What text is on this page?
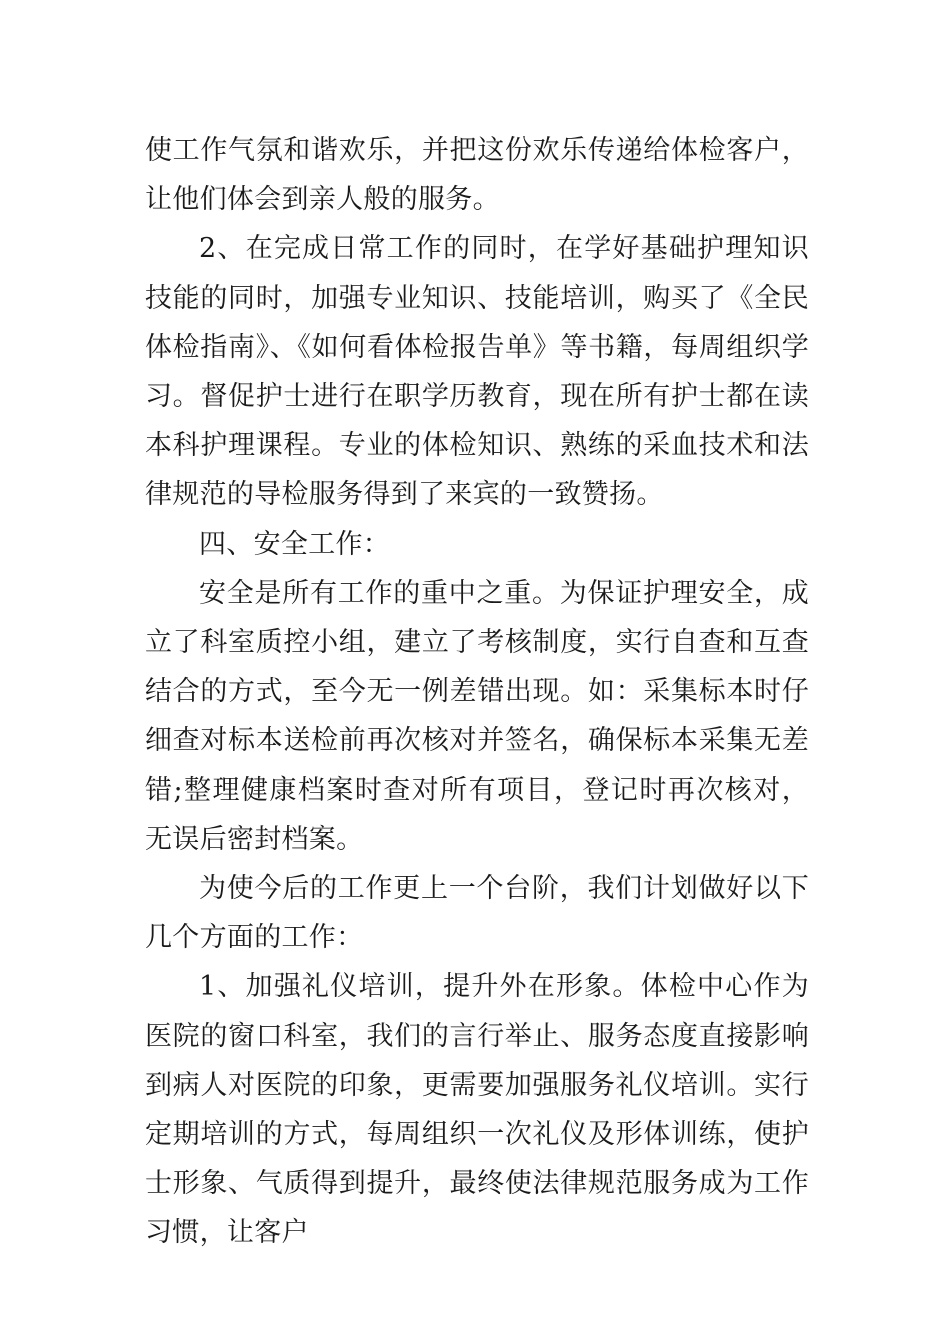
使工作气氛和谐欢乐，并把这份欢乐传递给体检客户，让他们体会到亲人般的服务。

2、在完成日常工作的同时，在学好基础护理知识技能的同时，加强专业知识、技能培训，购买了《全民体检指南》、《如何看体检报告单》等书籍，每周组织学习。督促护士进行在职学历教育，现在所有护士都在读本科护理课程。专业的体检知识、熟练的采血技术和法律规范的导检服务得到了来宾的一致赞扬。

四、安全工作：

安全是所有工作的重中之重。为保证护理安全，成立了科室质控小组，建立了考核制度，实行自查和互查结合的方式，至今无一例差错出现。如：采集标本时仔细查对标本送检前再次核对并签名，确保标本采集无差错;整理健康档案时查对所有项目，登记时再次核对，无误后密封档案。

为使今后的工作更上一个台阶，我们计划做好以下几个方面的工作：

1、加强礼仪培训，提升外在形象。体检中心作为医院的窗口科室，我们的言行举止、服务态度直接影响到病人对医院的印象，更需要加强服务礼仪培训。实行定期培训的方式，每周组织一次礼仪及形体训练，使护士形象、气质得到提升，最终使法律规范服务成为工作习惯，让客户
